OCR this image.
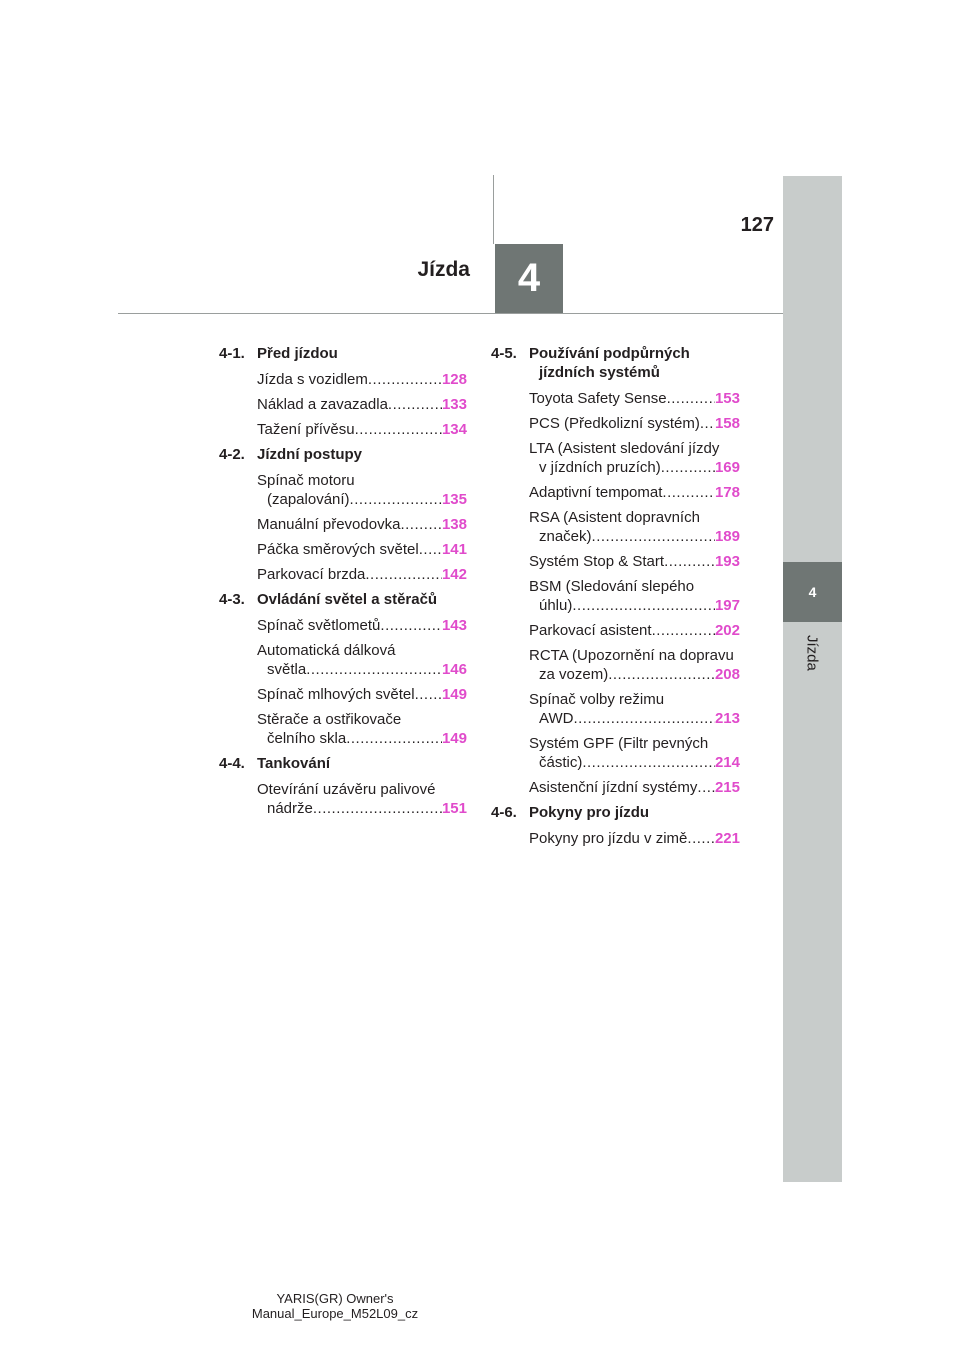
4
Jízda
127
4
Jízda
4-1. Před jízdou
Jízda s vozidlem .....	128
Náklad a zavazadla .....	133
Tažení přívěsu .....	134
4-2. Jízdní postupy
Spínač motoru
(zapalování) .....	135
Manuální převodovka .....	138
Páčka směrových světel ..... 141
Parkovací brzda .....	142
4-3. Ovládání světel a stěračů
Spínač světlometů .....	143
Automatická dálková
světla .....	146
Spínač mlhových světel ..... 149
Stěrače a ostřikovače
čelního skla .....	149
4-4. Tankování
Otevírání uzávěru palivové
nádrže .....	151
4-5. Používání podpůrných
jízdních systémů
Toyota Safety Sense .....	153
PCS (Předkolizní systém) ..... 158
LTA (Asistent sledování jízdy
v jízdních pruzích) .....	169
Adaptivní tempomat .....	178
RSA (Asistent dopravních
značek) .....	189
Systém Stop & Start .....	193
BSM (Sledování slepého
úhlu) .....	197
Parkovací asistent .....	202
RCTA (Upozornění na dopravu
za vozem) .....	208
Spínač volby režimu
AWD .....	213
Systém GPF (Filtr pevných
částic) .....	214
Asistenční jízdní systémy ..... 215
4-6. Pokyny pro jízdu
Pokyny pro jízdu v zimě ..... 221
YARIS(GR) Owner's Manual_Europe_M52L09_cz
